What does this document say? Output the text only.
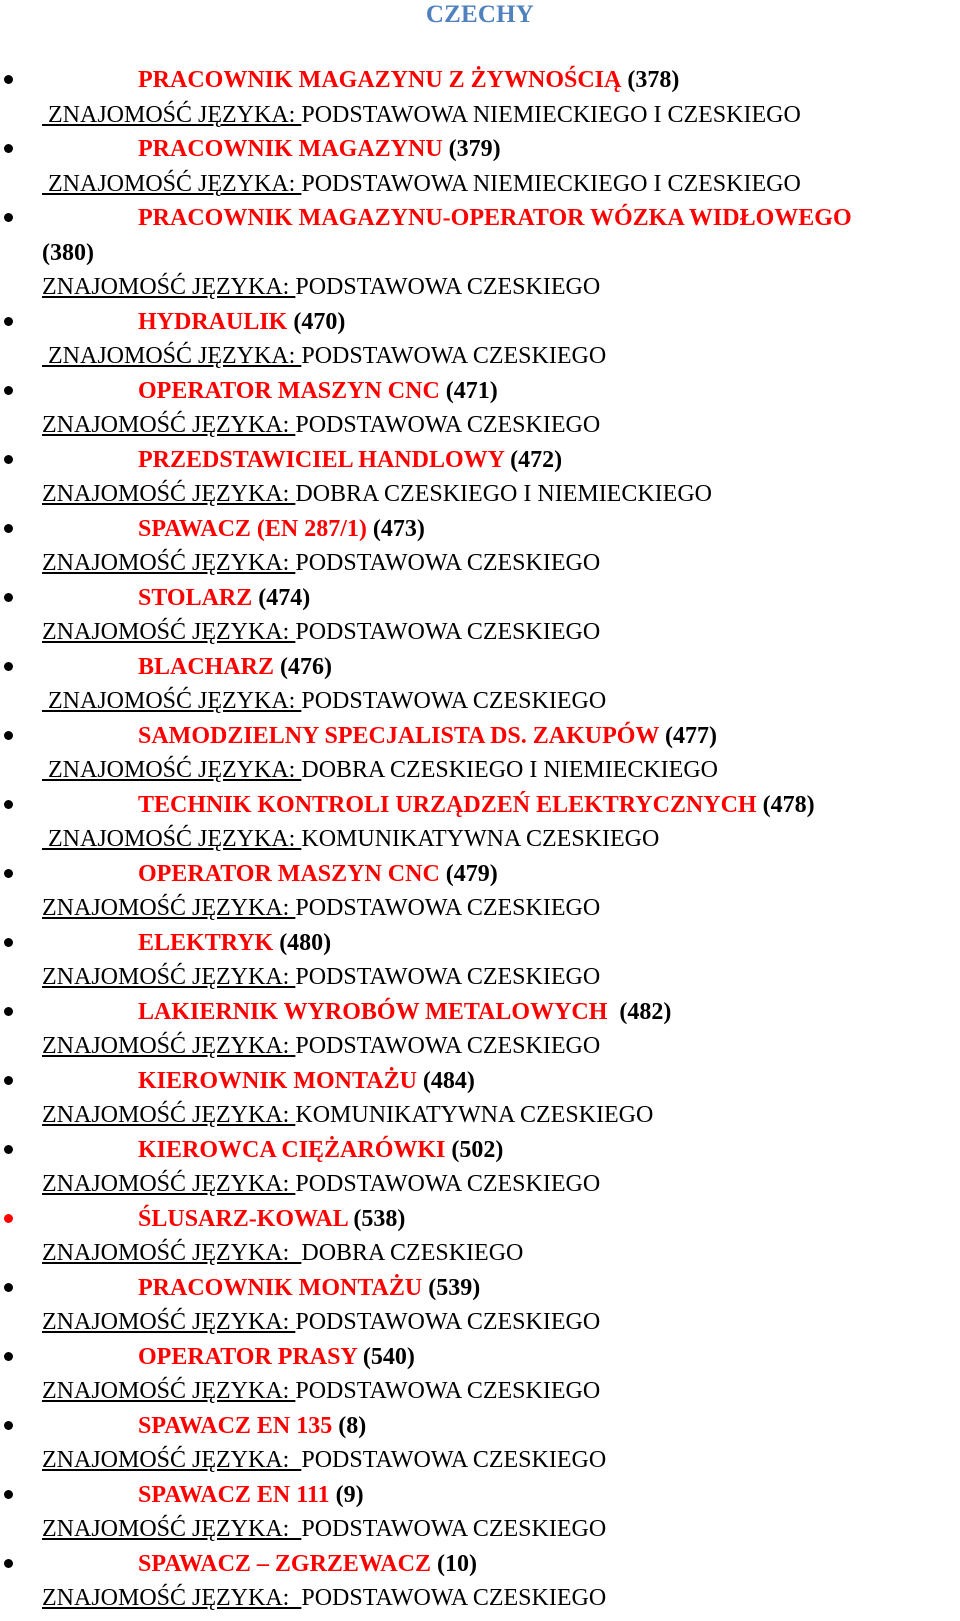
CZECHY
PRACOWNIK MAGAZYNU Z ŻYWNOŚCIĄ (378)
ZNAJOMOŚĆ JĘZYKA: PODSTAWOWA NIEMIECKIEGO I CZESKIEGO
PRACOWNIK MAGAZYNU (379)
ZNAJOMOŚĆ JĘZYKA: PODSTAWOWA NIEMIECKIEGO I CZESKIEGO
PRACOWNIK MAGAZYNU-OPERATOR WÓZKA WIDŁOWEGO
(380)
ZNAJOMOŚĆ JĘZYKA: PODSTAWOWA CZESKIEGO
HYDRAULIK (470)
ZNAJOMOŚĆ JĘZYKA: PODSTAWOWA CZESKIEGO
OPERATOR MASZYN CNC (471)
ZNAJOMOŚĆ JĘZYKA: PODSTAWOWA CZESKIEGO
PRZEDSTAWICIEL HANDLOWY (472)
ZNAJOMOŚĆ JĘZYKA: DOBRA CZESKIEGO I NIEMIECKIEGO
SPAWACZ (EN 287/1) (473)
ZNAJOMOŚĆ JĘZYKA: PODSTAWOWA CZESKIEGO
STOLARZ (474)
ZNAJOMOŚĆ JĘZYKA: PODSTAWOWA CZESKIEGO
BLACHARZ (476)
ZNAJOMOŚĆ JĘZYKA: PODSTAWOWA CZESKIEGO
SAMODZIELNY SPECJALISTA DS. ZAKUPÓW (477)
ZNAJOMOŚĆ JĘZYKA: DOBRA CZESKIEGO I NIEMIECKIEGO
TECHNIK KONTROLI URZĄDZEŃ ELEKTRYCZNYCH (478)
ZNAJOMOŚĆ JĘZYKA: KOMUNIKATYWNA CZESKIEGO
OPERATOR MASZYN CNC (479)
ZNAJOMOŚĆ JĘZYKA: PODSTAWOWA CZESKIEGO
ELEKTRYK (480)
ZNAJOMOŚĆ JĘZYKA: PODSTAWOWA CZESKIEGO
LAKIERNIK WYROBÓW METALOWYCH  (482)
ZNAJOMOŚĆ JĘZYKA: PODSTAWOWA CZESKIEGO
KIEROWNIK MONTAŻU (484)
ZNAJOMOŚĆ JĘZYKA: KOMUNIKATYWNA CZESKIEGO
KIEROWCA CIĘŻARÓWKI (502)
ZNAJOMOŚĆ JĘZYKA: PODSTAWOWA CZESKIEGO
ŚLUSARZ-KOWAL (538)
ZNAJOMOŚĆ JĘZYKA:  DOBRA CZESKIEGO
PRACOWNIK MONTAŻU (539)
ZNAJOMOŚĆ JĘZYKA: PODSTAWOWA CZESKIEGO
OPERATOR PRASY (540)
ZNAJOMOŚĆ JĘZYKA: PODSTAWOWA CZESKIEGO
SPAWACZ EN 135 (8)
ZNAJOMOŚĆ JĘZYKA:  PODSTAWOWA CZESKIEGO
SPAWACZ EN 111 (9)
ZNAJOMOŚĆ JĘZYKA:  PODSTAWOWA CZESKIEGO
SPAWACZ – ZGRZEWACZ (10)
ZNAJOMOŚĆ JĘZYKA:  PODSTAWOWA CZESKIEGO
